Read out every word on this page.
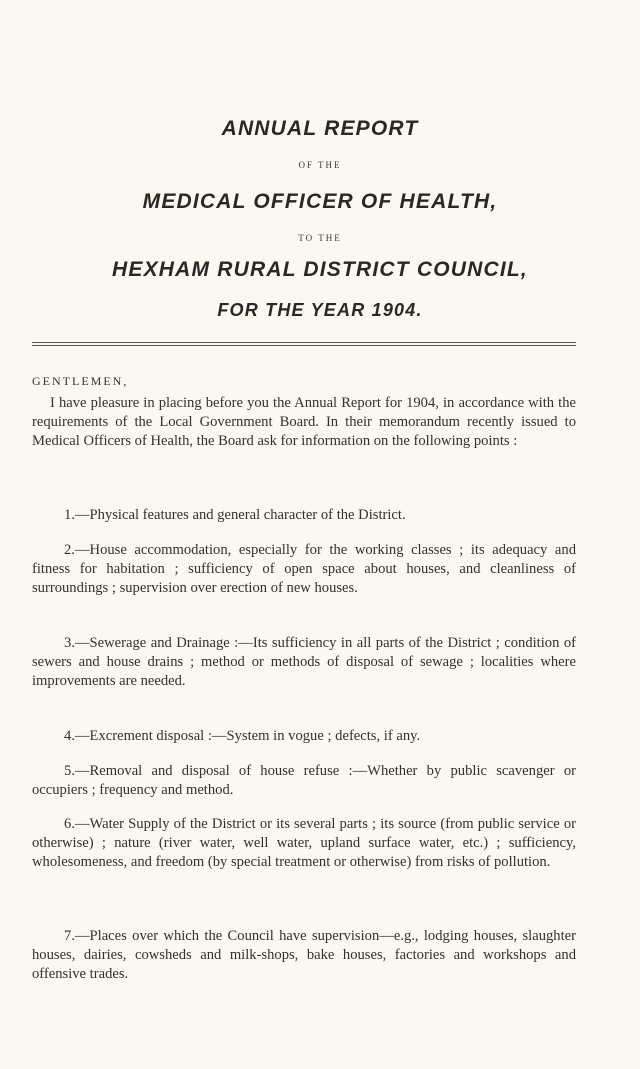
ANNUAL REPORT
OF THE
MEDICAL OFFICER OF HEALTH,
TO THE
HEXHAM RURAL DISTRICT COUNCIL,
FOR THE YEAR 1904.
GENTLEMEN,
I have pleasure in placing before you the Annual Report for 1904, in accordance with the requirements of the Local Government Board. In their memorandum recently issued to Medical Officers of Health, the Board ask for information on the following points :
1.—Physical features and general character of the District.
2.—House accommodation, especially for the working classes ; its adequacy and fitness for habitation ; sufficiency of open space about houses, and cleanliness of surroundings ; supervision over erection of new houses.
3.—Sewerage and Drainage :—Its sufficiency in all parts of the District ; condition of sewers and house drains ; method or methods of disposal of sewage ; localities where improvements are needed.
4.—Excrement disposal :—System in vogue ; defects, if any.
5.—Removal and disposal of house refuse :—Whether by public scavenger or occupiers ; frequency and method.
6.—Water Supply of the District or its several parts ; its source (from public service or otherwise) ; nature (river water, well water, upland surface water, etc.) ; sufficiency, wholesomeness, and freedom (by special treatment or otherwise) from risks of pollution.
7.—Places over which the Council have supervision—e.g., lodging houses, slaughter houses, dairies, cowsheds and milk-shops, bake houses, factories and workshops and offensive trades.
